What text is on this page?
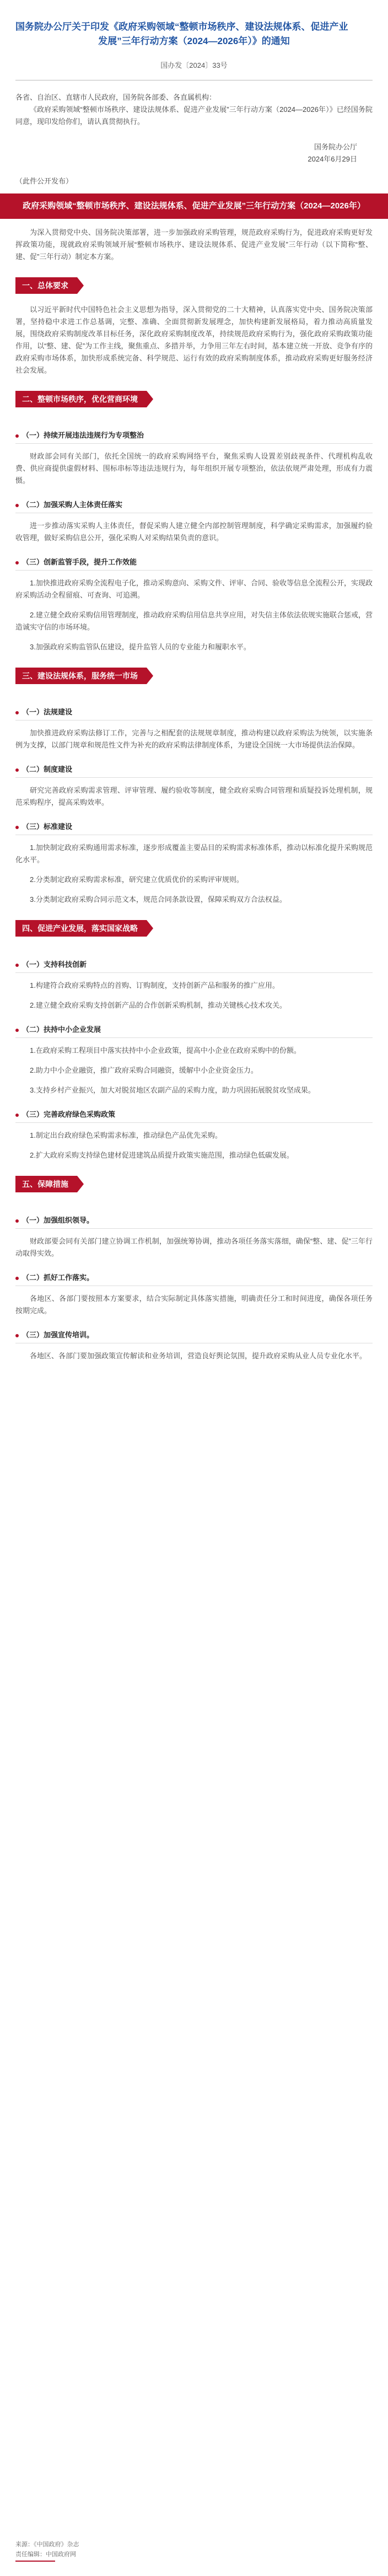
国务院办公厅关于印发《政府采购领域“整顿市场秩序、建设法规体系、促进产业
发展”三年行动方案（2024—2026年）》的通知
国办发〔2024〕33号

各省、自治区、直辖市人民政府，国务院各部委、各直属机构：

《政府采购领域“整顿市场秩序、建设法规体系、促进产业发展”三年行动方案（2024—2026年）》已经国务院同意，现印发给你们，请认真贯彻执行。

国务院办公厅
2024年6月29日
（此件公开发布）
政府采购领域“整顿市场秩序、建设法规体系、促进产业发展”三年行动方案（2024—2026年）

为深入贯彻党中央、国务院决策部署，进一步加强政府采购管理，规范政府采购行为，促进政府采购更好发挥政策功能，现就政府采购领域开展“整顿市场秩序、建设法规体系、促进产业发展”三年行动（以下简称“整、建、促”三年行动）制定本方案。

一、总体要求

以习近平新时代中国特色社会主义思想为指导，深入贯彻党的二十大精神，认真落实党中央、国务院决策部署，坚持稳中求进工作总基调，完整、准确、全面贯彻新发展理念，加快构建新发展格局，着力推动高质量发展，围绕政府采购制度改革目标任务，深化政府采购制度改革，持续规范政府采购行为，强化政府采购政策功能作用，以“整、建、促”为工作主线，聚焦重点、多措并举，力争用三年左右时间，基本建立统一开放、竞争有序的政府采购市场体系，加快形成系统完备、科学规范、运行有效的政府采购制度体系，推动政府采购更好服务经济社会发展。

二、整顿市场秩序，优化营商环境
（一）持续开展违法违规行为专项整治

财政部会同有关部门，依托全国统一的政府采购网络平台，聚焦采购人设置差别歧视条件、代理机构乱收费、供应商提供虚假材料、围标串标等违法违规行为，每年组织开展专项整治，依法依规严肃处理，形成有力震慑。

（二）加强采购人主体责任落实

进一步推动落实采购人主体责任，督促采购人建立健全内部控制管理制度，科学确定采购需求，加强履约验收管理，做好采购信息公开，强化采购人对采购结果负责的意识。

（三）创新监管手段，提升工作效能

1.加快推进政府采购全流程电子化，推动采购意向、采购文件、评审、合同、验收等信息全流程公开，实现政府采购活动全程留痕、可查询、可追溯。

2.建立健全政府采购信用管理制度，推动政府采购信用信息共享应用，对失信主体依法依规实施联合惩戒，营造诚实守信的市场环境。

3.加强政府采购监管队伍建设，提升监管人员的专业能力和履职水平。

三、建设法规体系，服务统一市场
（一）法规建设

加快推进政府采购法修订工作，完善与之相配套的法规规章制度，推动构建以政府采购法为统领，以实施条例为支撑，以部门规章和规范性文件为补充的政府采购法律制度体系，为建设全国统一大市场提供法治保障。

（二）制度建设

研究完善政府采购需求管理、评审管理、履约验收等制度，健全政府采购合同管理和质疑投诉处理机制，规范采购程序，提高采购效率。

（三）标准建设

1.加快制定政府采购通用需求标准，逐步形成覆盖主要品目的采购需求标准体系，推动以标准化提升采购规范化水平。

2.分类制定政府采购需求标准，研究建立优质优价的采购评审规则。

3.分类制定政府采购合同示范文本，规范合同条款设置，保障采购双方合法权益。

四、促进产业发展，落实国家战略
（一）支持科技创新

1.构建符合政府采购特点的首购、订购制度，支持创新产品和服务的推广应用。

2.建立健全政府采购支持创新产品的合作创新采购机制，推动关键核心技术攻关。

（二）扶持中小企业发展

1.在政府采购工程项目中落实扶持中小企业政策，提高中小企业在政府采购中的份额。

2.助力中小企业融资，推广政府采购合同融资，缓解中小企业资金压力。

3.支持乡村产业振兴，加大对脱贫地区农副产品的采购力度，助力巩固拓展脱贫攻坚成果。

（三）完善政府绿色采购政策

1.制定出台政府绿色采购需求标准，推动绿色产品优先采购。

2.扩大政府采购支持绿色建材促进建筑品质提升政策实施范围，推动绿色低碳发展。

五、保障措施
（一）加强组织领导。

财政部要会同有关部门建立协调工作机制，加强统筹协调，推动各项任务落实落细，确保“整、建、促”三年行动取得实效。

（二）抓好工作落实。

各地区、各部门要按照本方案要求，结合实际制定具体落实措施，明确责任分工和时间进度，确保各项任务按期完成。

（三）加强宣传培训。

各地区、各部门要加强政策宣传解读和业务培训，营造良好舆论氛围，提升政府采购从业人员专业化水平。

来源：《中国政府》杂志
责任编辑：中国政府网
